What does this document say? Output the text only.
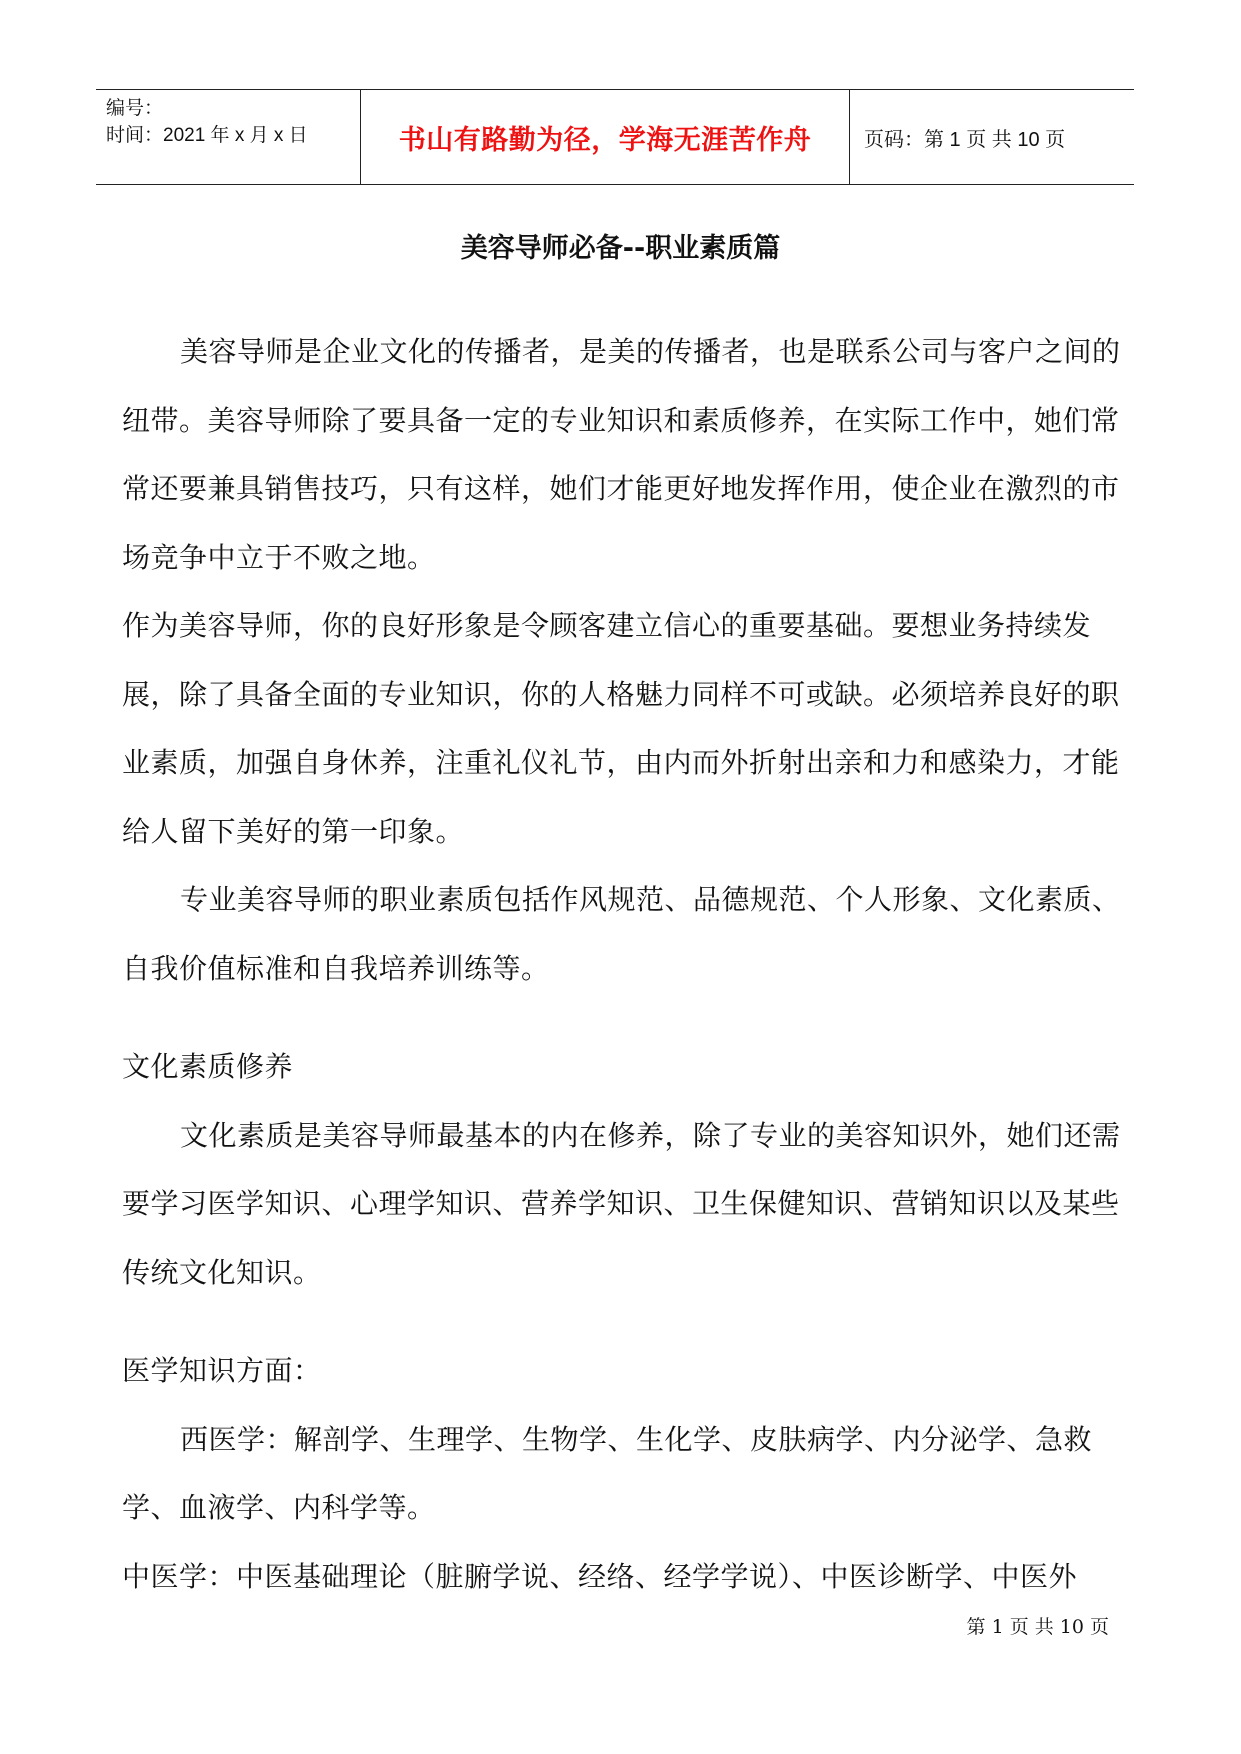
编号：
时间：2021 年 x 月 x 日	书山有路勤为径，学海无涯苦作舟	页码：第 1 页 共 10 页
美容导师必备--职业素质篇

美容导师是企业文化的传播者，是美的传播者，也是联系公司与客户之间的纽带。美容导师除了要具备一定的专业知识和素质修养，在实际工作中，她们常常还要兼具销售技巧，只有这样，她们才能更好地发挥作用，使企业在激烈的市场竞争中立于不败之地。

作为美容导师，你的良好形象是令顾客建立信心的重要基础。要想业务持续发展，除了具备全面的专业知识，你的人格魅力同样不可或缺。必须培养良好的职业素质，加强自身休养，注重礼仪礼节，由内而外折射出亲和力和感染力，才能给人留下美好的第一印象。

专业美容导师的职业素质包括作风规范、品德规范、个人形象、文化素质、自我价值标准和自我培养训练等。

文化素质修养

文化素质是美容导师最基本的内在修养，除了专业的美容知识外，她们还需要学习医学知识、心理学知识、营养学知识、卫生保健知识、营销知识以及某些传统文化知识。

医学知识方面：

西医学：解剖学、生理学、生物学、生化学、皮肤病学、内分泌学、急救学、血液学、内科学等。

中医学：中医基础理论（脏腑学说、经络、经学学说）、中医诊断学、中医外

第 1 页 共 10 页
